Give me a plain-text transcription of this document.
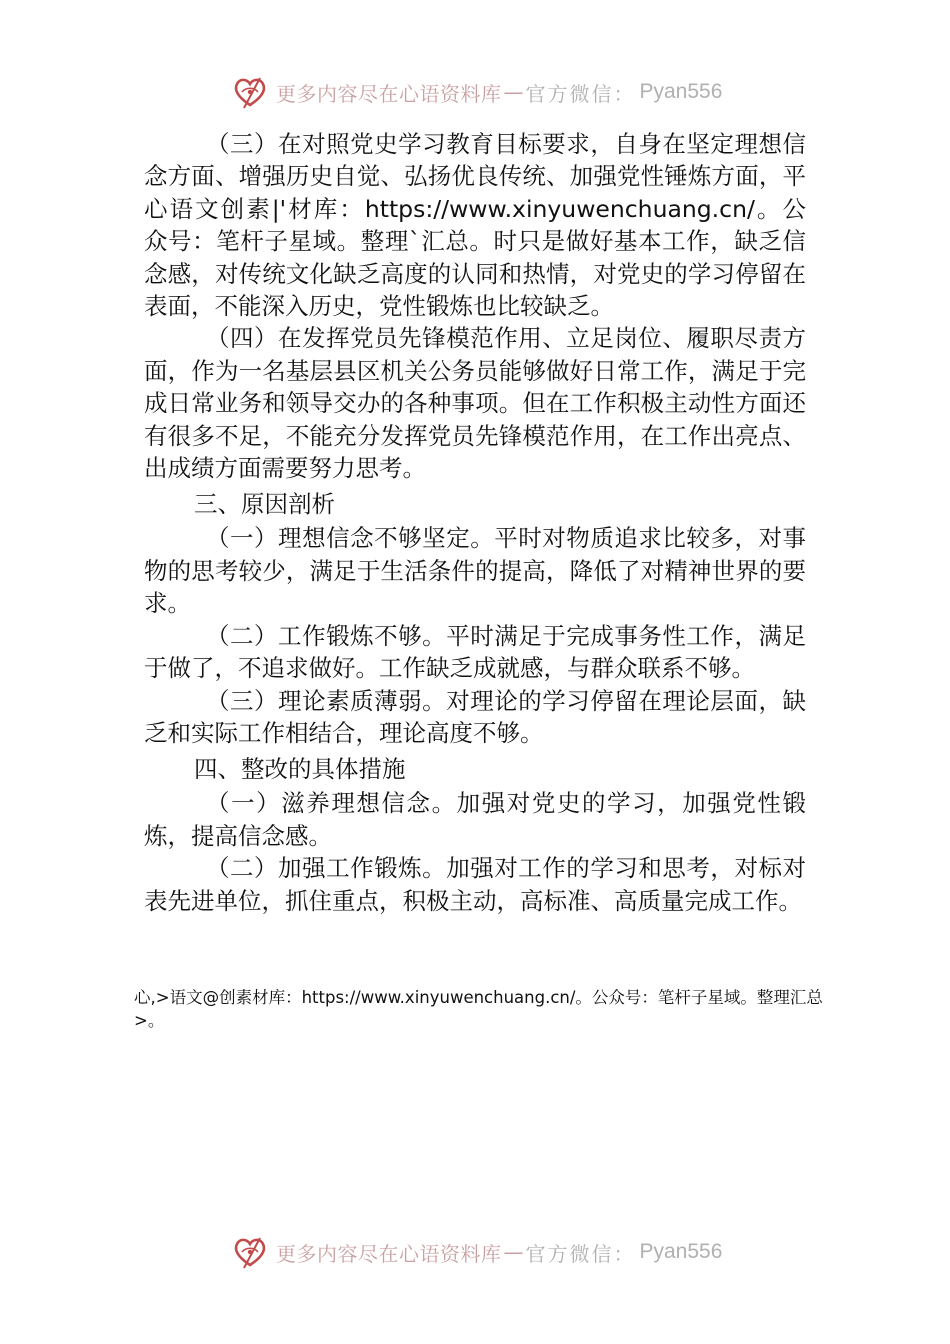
更多内容尽在心语资料库 — 官方微信： Pyan556

（三）在对照党史学习教育目标要求，自身在坚定理想信念方面、增强历史自觉、弘扬优良传统、加强党性锤炼方面，平心语文创素|'材库：https://www.xinyuwenchuang.cn/。公众号：笔杆子星域。整理`汇总。时只是做好基本工作，缺乏信念感，对传统文化缺乏高度的认同和热情，对党史的学习停留在表面，不能深入历史，党性锻炼也比较缺乏。

（四）在发挥党员先锋模范作用、立足岗位、履职尽责方面，作为一名基层县区机关公务员能够做好日常工作，满足于完成日常业务和领导交办的各种事项。但在工作积极主动性方面还有很多不足，不能充分发挥党员先锋模范作用，在工作出亮点、出成绩方面需要努力思考。

三、原因剖析

（一）理想信念不够坚定。平时对物质追求比较多，对事物的思考较少，满足于生活条件的提高，降低了对精神世界的要求。

（二）工作锻炼不够。平时满足于完成事务性工作，满足于做了，不追求做好。工作缺乏成就感，与群众联系不够。

（三）理论素质薄弱。对理论的学习停留在理论层面，缺乏和实际工作相结合，理论高度不够。

四、整改的具体措施

（一）滋养理想信念。加强对党史的学习，加强党性锻炼，提高信念感。

（二）加强工作锻炼。加强对工作的学习和思考，对标对表先进单位，抓住重点，积极主动，高标准、高质量完成工作。

心,>语文@创素材库：https://www.xinyuwenchuang.cn/。公众号：笔杆子星域。整理汇总>。
更多内容尽在心语资料库 — 官方微信： Pyan556
